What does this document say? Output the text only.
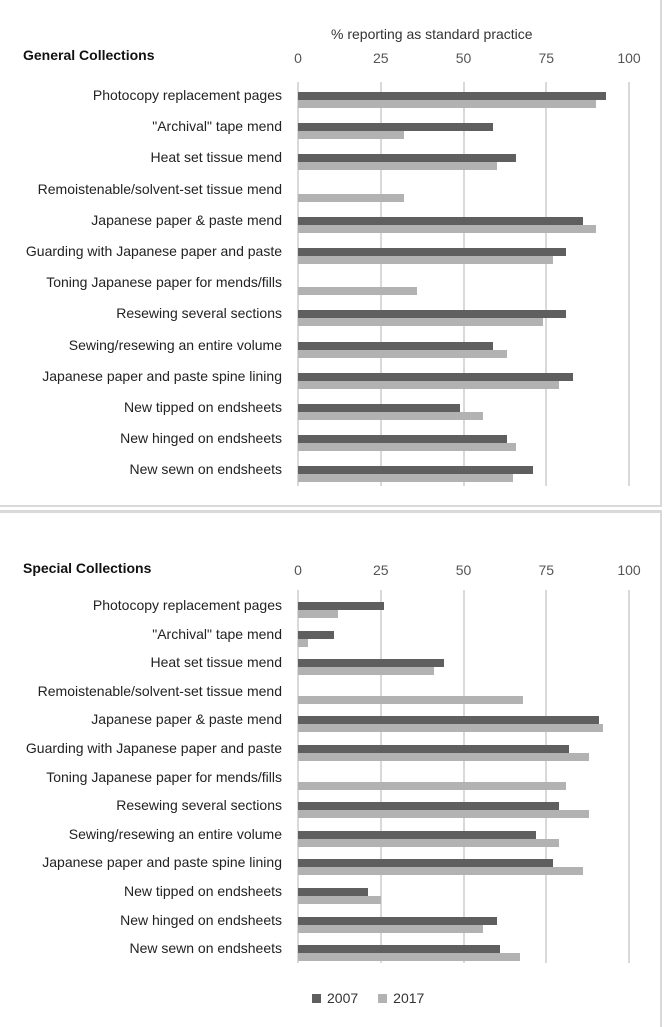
General Collections
% reporting as standard practice
0	25	50	75	100
Photocopy replacement pages
"Archival" tape mend
Heat set tissue mend
Remoistenable/solvent-set tissue mend
Japanese paper & paste mend
Guarding with Japanese paper and paste
Toning Japanese paper for mends/fills
Resewing several sections
Sewing/resewing an entire volume
Japanese paper and paste spine lining
New tipped on endsheets
New hinged on endsheets
New sewn on endsheets
Special Collections	0	25	50	75	100
Photocopy replacement pages
"Archival" tape mend
Heat set tissue mend
Remoistenable/solvent-set tissue mend
Japanese paper & paste mend
Guarding with Japanese paper and paste
Toning Japanese paper for mends/fills
Resewing several sections
Sewing/resewing an entire volume
Japanese paper and paste spine lining
New tipped on endsheets
New hinged on endsheets
New sewn on endsheets
2007	2017
